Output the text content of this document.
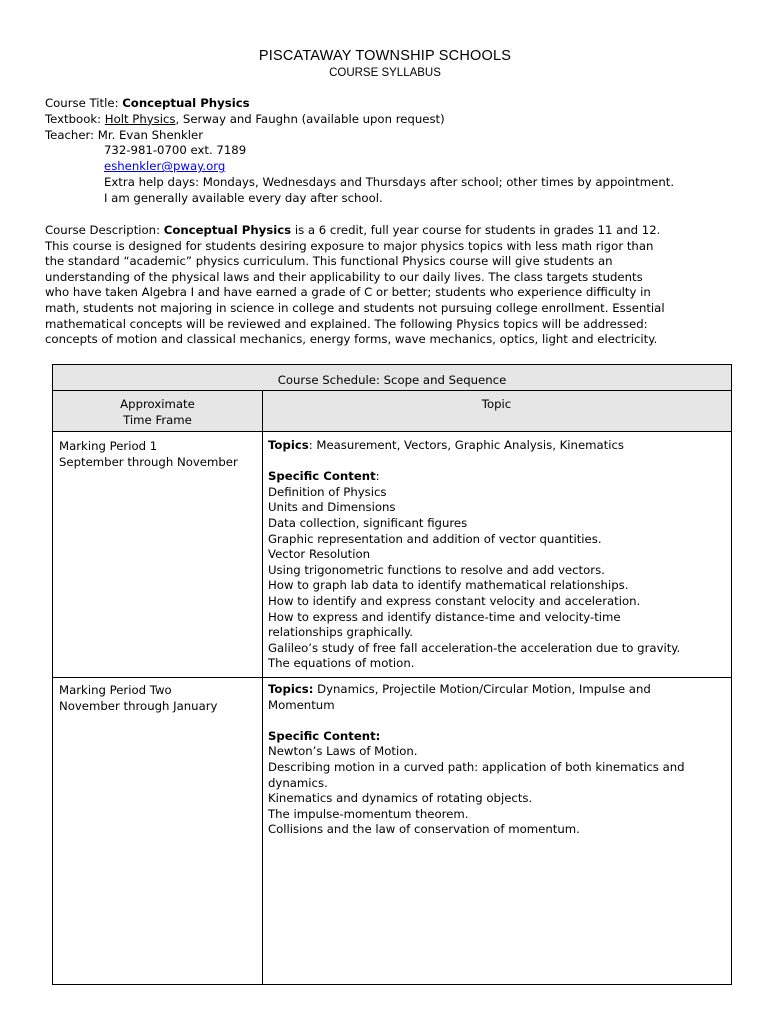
PISCATAWAY TOWNSHIP SCHOOLS
COURSE SYLLABUS
Course Title: Conceptual Physics
Textbook: Holt Physics, Serway and Faughn (available upon request)
Teacher: Mr. Evan Shenkler
732-981-0700 ext. 7189
eshenkler@pway.org
Extra help days: Mondays, Wednesdays and Thursdays after school; other times by appointment.
I am generally available every day after school.
Course Description: Conceptual Physics is a 6 credit, full year course for students in grades 11 and 12.
This course is designed for students desiring exposure to major physics topics with less math rigor than
the standard “academic” physics curriculum. This functional Physics course will give students an
understanding of the physical laws and their applicability to our daily lives. The class targets students
who have taken Algebra I and have earned a grade of C or better; students who experience difficulty in
math, students not majoring in science in college and students not pursuing college enrollment. Essential
mathematical concepts will be reviewed and explained. The following Physics topics will be addressed:
concepts of motion and classical mechanics, energy forms, wave mechanics, optics, light and electricity.
Course Schedule: Scope and Sequence
Approximate
Time Frame
Topic
Marking Period 1
September through November
Topics: Measurement, Vectors, Graphic Analysis, Kinematics
Specific Content:
Definition of Physics
Units and Dimensions
Data collection, significant figures
Graphic representation and addition of vector quantities.
Vector Resolution
Using trigonometric functions to resolve and add vectors.
How to graph lab data to identify mathematical relationships.
How to identify and express constant velocity and acceleration.
How to express and identify distance-time and velocity-time
relationships graphically.
Galileo’s study of free fall acceleration-the acceleration due to gravity.
The equations of motion.
Marking Period Two
November through January
Topics: Dynamics, Projectile Motion/Circular Motion, Impulse and
Momentum
Specific Content:
Newton’s Laws of Motion.
Describing motion in a curved path: application of both kinematics and
dynamics.
Kinematics and dynamics of rotating objects.
The impulse-momentum theorem.
Collisions and the law of conservation of momentum.
